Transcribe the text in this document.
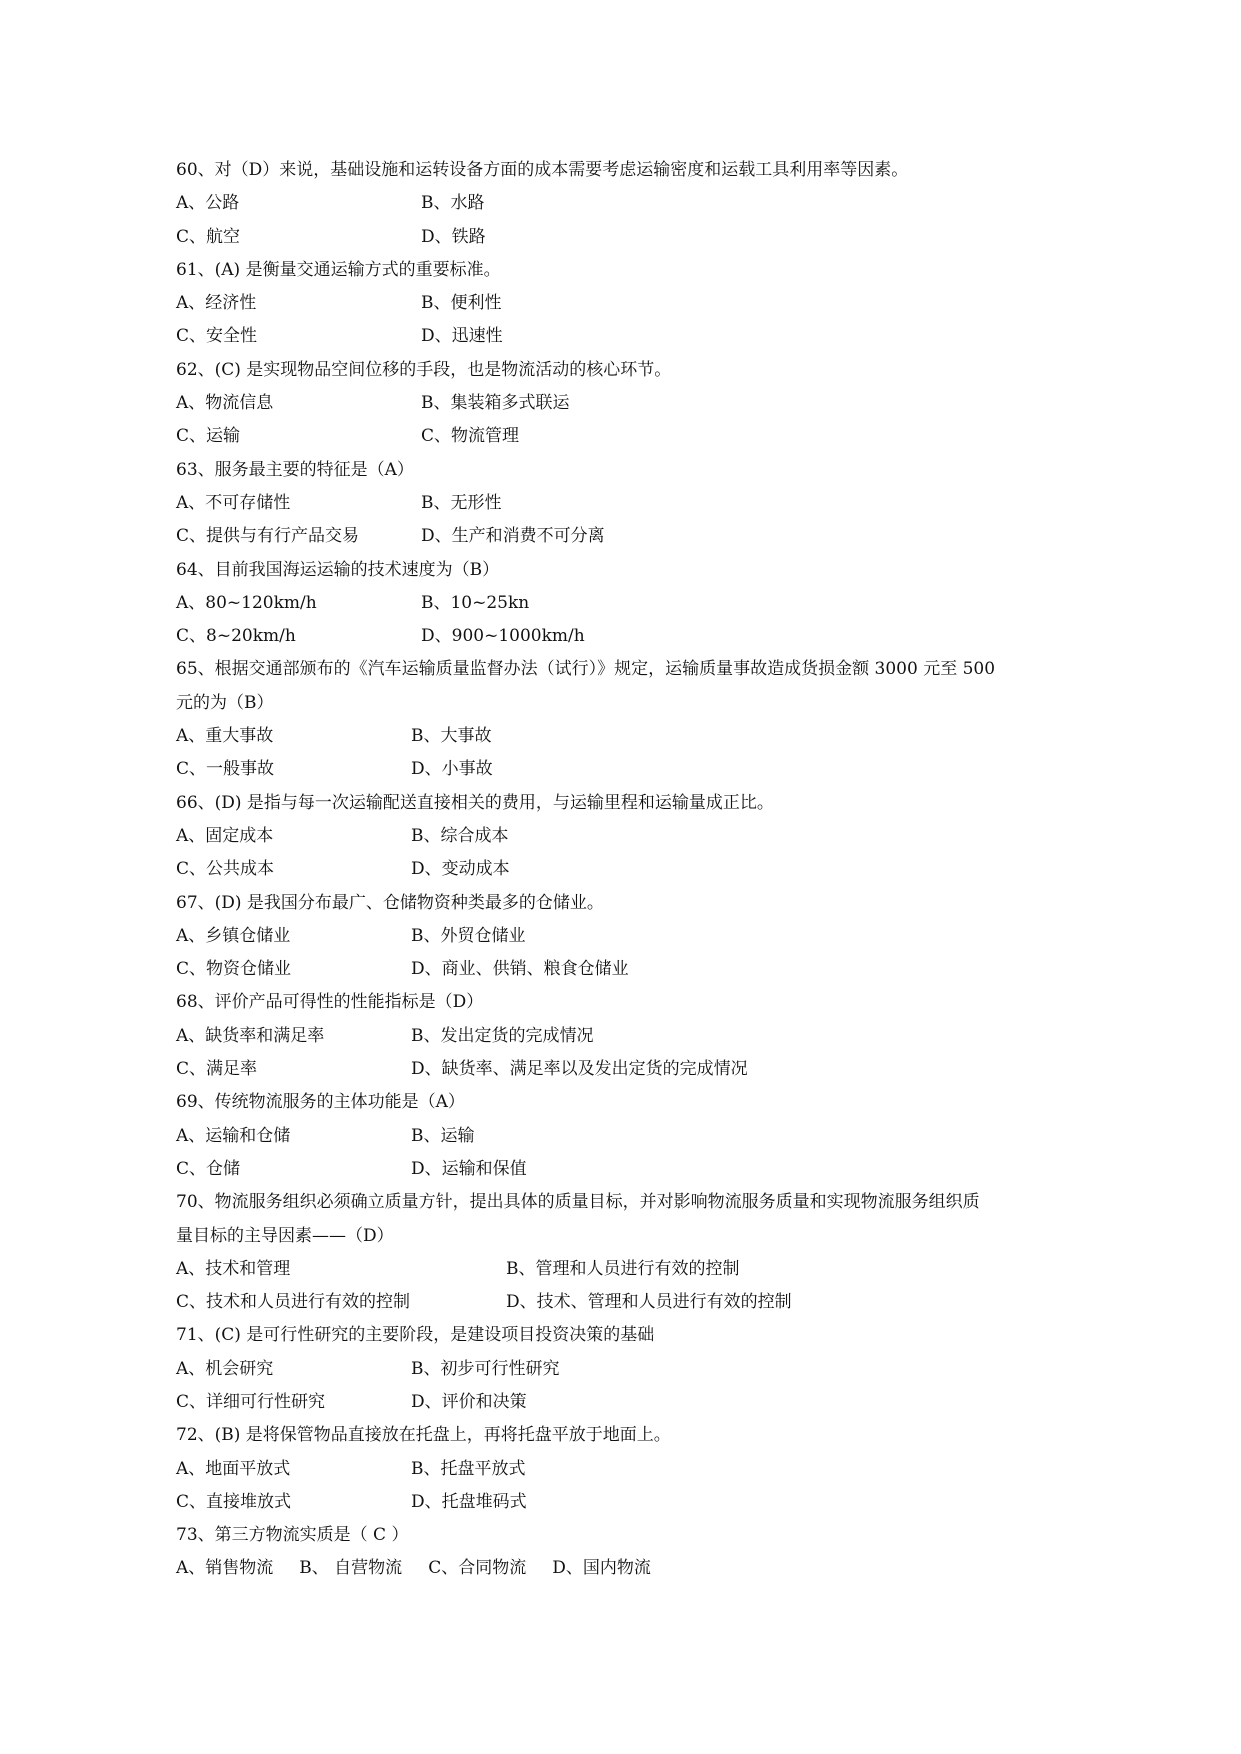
60、对（D）来说，基础设施和运转设备方面的成本需要考虑运输密度和运载工具利用率等因素。
A、公路	B、水路
C、航空	D、铁路
61、(A) 是衡量交通运输方式的重要标准。
A、经济性	B、便利性
C、安全性	D、迅速性
62、(C) 是实现物品空间位移的手段，也是物流活动的核心环节。
A、物流信息	B、集装箱多式联运
C、运输	C、物流管理
63、服务最主要的特征是（A）
A、不可存储性	B、无形性
C、提供与有行产品交易	D、生产和消费不可分离
64、目前我国海运运输的技术速度为（B）
A、80~120km/h	B、10~25kn
C、8~20km/h	D、900~1000km/h
65、根据交通部颁布的《汽车运输质量监督办法（试行）》规定，运输质量事故造成货损金额 3000 元至 500
元的为（B）
A、重大事故	B、大事故
C、一般事故	D、小事故
66、(D) 是指与每一次运输配送直接相关的费用，与运输里程和运输量成正比。
A、固定成本	B、综合成本
C、公共成本	D、变动成本
67、(D) 是我国分布最广、仓储物资种类最多的仓储业。
A、乡镇仓储业	B、外贸仓储业
C、物资仓储业	D、商业、供销、粮食仓储业
68、评价产品可得性的性能指标是（D）
A、缺货率和满足率	B、发出定货的完成情况
C、满足率	D、缺货率、满足率以及发出定货的完成情况
69、传统物流服务的主体功能是（A）
A、运输和仓储	B、运输
C、仓储	D、运输和保值
70、物流服务组织必须确立质量方针，提出具体的质量目标，并对影响物流服务质量和实现物流服务组织质
量目标的主导因素——（D）
A、技术和管理	B、管理和人员进行有效的控制
C、技术和人员进行有效的控制	D、技术、管理和人员进行有效的控制
71、(C) 是可行性研究的主要阶段，是建设项目投资决策的基础
A、机会研究	B、初步可行性研究
C、详细可行性研究	D、评价和决策
72、(B) 是将保管物品直接放在托盘上，再将托盘平放于地面上。
A、地面平放式	B、托盘平放式
C、直接堆放式	D、托盘堆码式
73、第三方物流实质是（ C ）
A、销售物流 B、 自营物流 C、合同物流 D、国内物流
